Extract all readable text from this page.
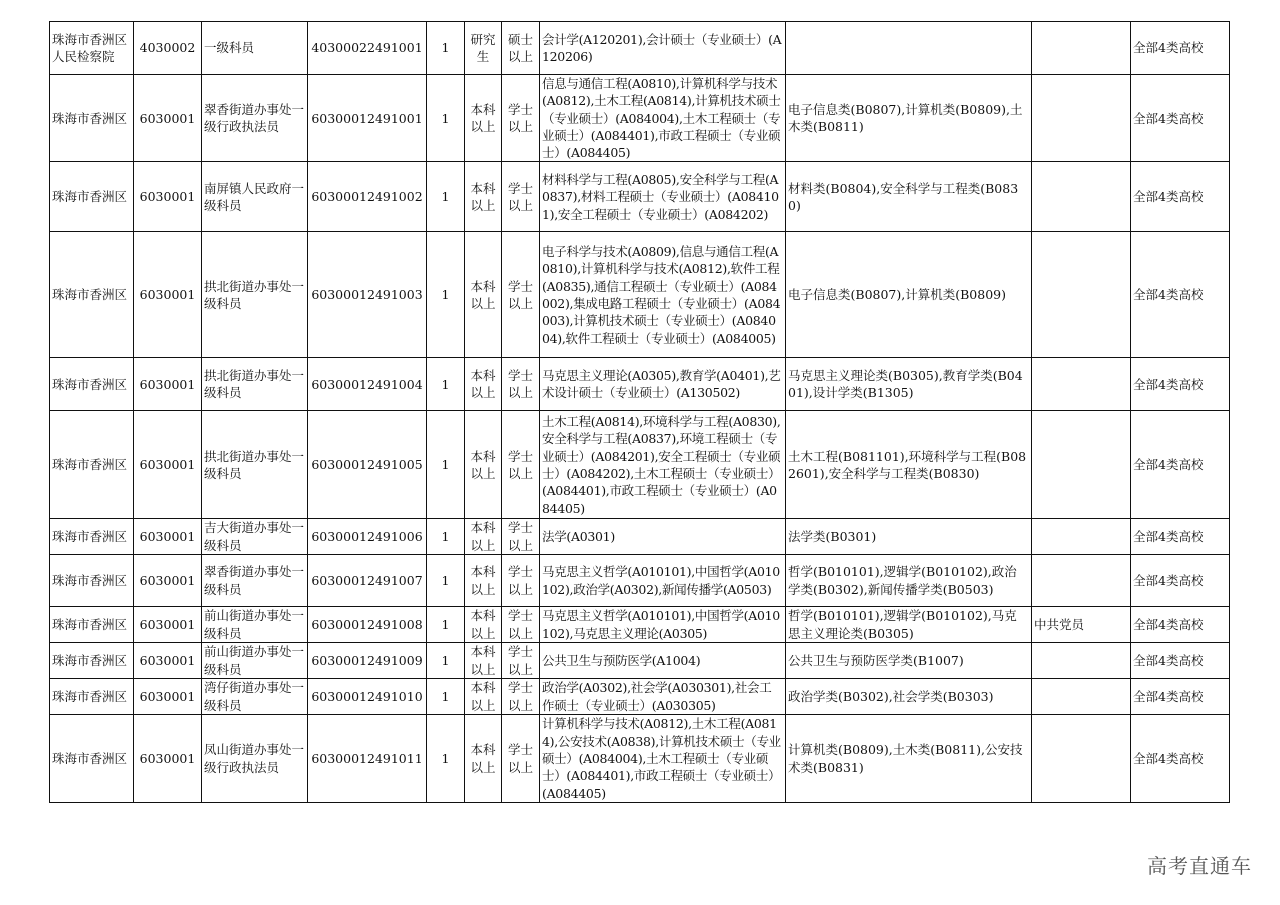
珠海市香洲区人民检察院	4030002	一级科员	40300022491001	1	研究生	硕士以上	会计学(A120201),会计硕士（专业硕士）(A120206)			全部4类高校

珠海市香洲区	6030001	翠香街道办事处一级行政执法员	60300012491001	1	本科以上	学士以上	信息与通信工程(A0810),计算机科学与技术(A0812),土木工程(A0814),计算机技术硕士（专业硕士）(A084004),土木工程硕士（专业硕士）(A084401),市政工程硕士（专业硕士）(A084405)	电子信息类(B0807),计算机类(B0809),土木类(B0811)		全部4类高校

珠海市香洲区	6030001	南屏镇人民政府一级科员	60300012491002	1	本科以上	学士以上	材料科学与工程(A0805),安全科学与工程(A0837),材料工程硕士（专业硕士）(A084101),安全工程硕士（专业硕士）(A084202)	材料类(B0804),安全科学与工程类(B0830)		全部4类高校

珠海市香洲区	6030001	拱北街道办事处一级科员	60300012491003	1	本科以上	学士以上	电子科学与技术(A0809),信息与通信工程(A0810),计算机科学与技术(A0812),软件工程(A0835),通信工程硕士（专业硕士）(A084002),集成电路工程硕士（专业硕士）(A084003),计算机技术硕士（专业硕士）(A084004),软件工程硕士（专业硕士）(A084005)	电子信息类(B0807),计算机类(B0809)		全部4类高校

珠海市香洲区	6030001	拱北街道办事处一级科员	60300012491004	1	本科以上	学士以上	马克思主义理论(A0305),教育学(A0401),艺术设计硕士（专业硕士）(A130502)	马克思主义理论类(B0305),教育学类(B0401),设计学类(B1305)		全部4类高校

珠海市香洲区	6030001	拱北街道办事处一级科员	60300012491005	1	本科以上	学士以上	土木工程(A0814),环境科学与工程(A0830),安全科学与工程(A0837),环境工程硕士（专业硕士）(A084201),安全工程硕士（专业硕士）(A084202),土木工程硕士（专业硕士）(A084401),市政工程硕士（专业硕士）(A084405)	土木工程(B081101),环境科学与工程(B082601),安全科学与工程类(B0830)		全部4类高校

珠海市香洲区	6030001	吉大街道办事处一级科员	60300012491006	1	本科以上	学士以上	法学(A0301)	法学类(B0301)		全部4类高校

珠海市香洲区	6030001	翠香街道办事处一级科员	60300012491007	1	本科以上	学士以上	马克思主义哲学(A010101),中国哲学(A010102),政治学(A0302),新闻传播学(A0503)	哲学(B010101),逻辑学(B010102),政治学类(B0302),新闻传播学类(B0503)		全部4类高校

珠海市香洲区	6030001	前山街道办事处一级科员	60300012491008	1	本科以上	学士以上	马克思主义哲学(A010101),中国哲学(A010102),马克思主义理论(A0305)	哲学(B010101),逻辑学(B010102),马克思主义理论类(B0305)	中共党员	全部4类高校

珠海市香洲区	6030001	前山街道办事处一级科员	60300012491009	1	本科以上	学士以上	公共卫生与预防医学(A1004)	公共卫生与预防医学类(B1007)		全部4类高校

珠海市香洲区	6030001	湾仔街道办事处一级科员	60300012491010	1	本科以上	学士以上	政治学(A0302),社会学(A030301),社会工作硕士（专业硕士）(A030305)	政治学类(B0302),社会学类(B0303)		全部4类高校

珠海市香洲区	6030001	凤山街道办事处一级行政执法员	60300012491011	1	本科以上	学士以上	计算机科学与技术(A0812),土木工程(A0814),公安技术(A0838),计算机技术硕士（专业硕士）(A084004),土木工程硕士（专业硕士）(A084401),市政工程硕士（专业硕士）(A084405)	计算机类(B0809),土木类(B0811),公安技术类(B0831)		全部4类高校
高考直通车
